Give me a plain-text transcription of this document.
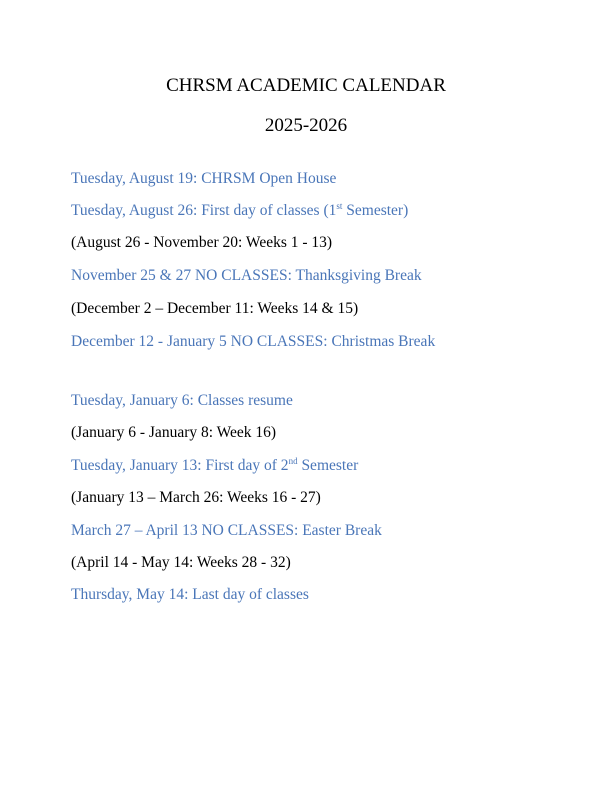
CHRSM ACADEMIC CALENDAR
2025-2026
Tuesday, August 19: CHRSM Open House
Tuesday, August 26: First day of classes (1st Semester)
(August 26 - November 20: Weeks 1 - 13)
November 25 & 27 NO CLASSES: Thanksgiving Break
(December 2 – December 11: Weeks 14 & 15)
December 12 - January 5 NO CLASSES: Christmas Break
Tuesday, January 6: Classes resume
(January 6 - January 8: Week 16)
Tuesday, January 13: First day of 2nd Semester
(January 13 – March 26: Weeks 16 - 27)
March 27 – April 13 NO CLASSES: Easter Break
(April 14 - May 14: Weeks 28 - 32)
Thursday, May 14: Last day of classes
